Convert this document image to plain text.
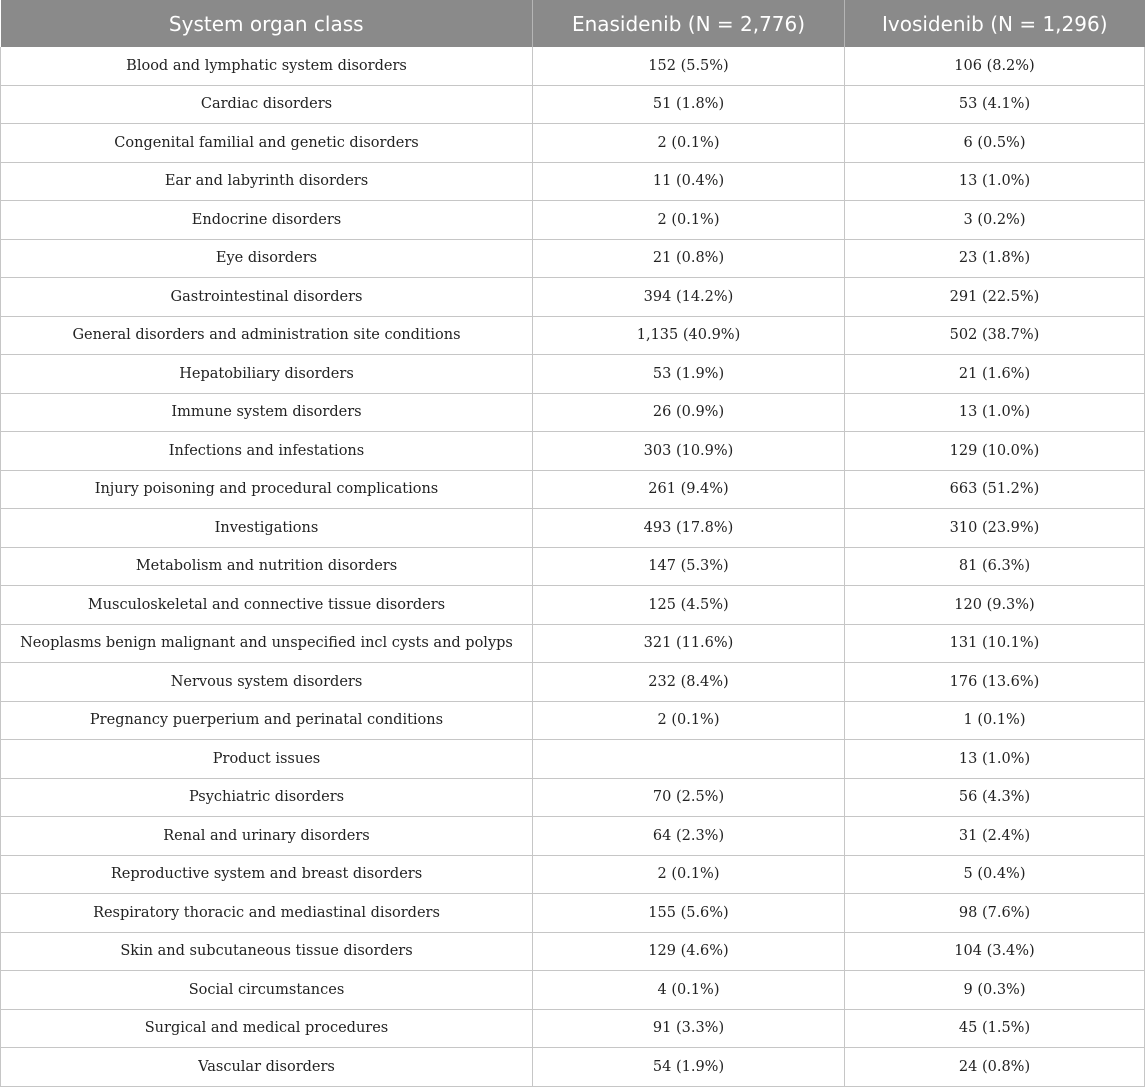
System organ class	Enasidenib (N = 2,776)	Ivosidenib (N = 1,296)
Blood and lymphatic system disorders	152 (5.5%)	106 (8.2%)
Cardiac disorders	51 (1.8%)	53 (4.1%)
Congenital familial and genetic disorders	2 (0.1%)	6 (0.5%)
Ear and labyrinth disorders	11 (0.4%)	13 (1.0%)
Endocrine disorders	2 (0.1%)	3 (0.2%)
Eye disorders	21 (0.8%)	23 (1.8%)
Gastrointestinal disorders	394 (14.2%)	291 (22.5%)
General disorders and administration site conditions	1,135 (40.9%)	502 (38.7%)
Hepatobiliary disorders	53 (1.9%)	21 (1.6%)
Immune system disorders	26 (0.9%)	13 (1.0%)
Infections and infestations	303 (10.9%)	129 (10.0%)
Injury poisoning and procedural complications	261 (9.4%)	663 (51.2%)
Investigations	493 (17.8%)	310 (23.9%)
Metabolism and nutrition disorders	147 (5.3%)	81 (6.3%)
Musculoskeletal and connective tissue disorders	125 (4.5%)	120 (9.3%)
Neoplasms benign malignant and unspecified incl cysts and polyps	321 (11.6%)	131 (10.1%)
Nervous system disorders	232 (8.4%)	176 (13.6%)
Pregnancy puerperium and perinatal conditions	2 (0.1%)	1 (0.1%)
Product issues		13 (1.0%)
Psychiatric disorders	70 (2.5%)	56 (4.3%)
Renal and urinary disorders	64 (2.3%)	31 (2.4%)
Reproductive system and breast disorders	2 (0.1%)	5 (0.4%)
Respiratory thoracic and mediastinal disorders	155 (5.6%)	98 (7.6%)
Skin and subcutaneous tissue disorders	129 (4.6%)	104 (3.4%)
Social circumstances	4 (0.1%)	9 (0.3%)
Surgical and medical procedures	91 (3.3%)	45 (1.5%)
Vascular disorders	54 (1.9%)	24 (0.8%)
